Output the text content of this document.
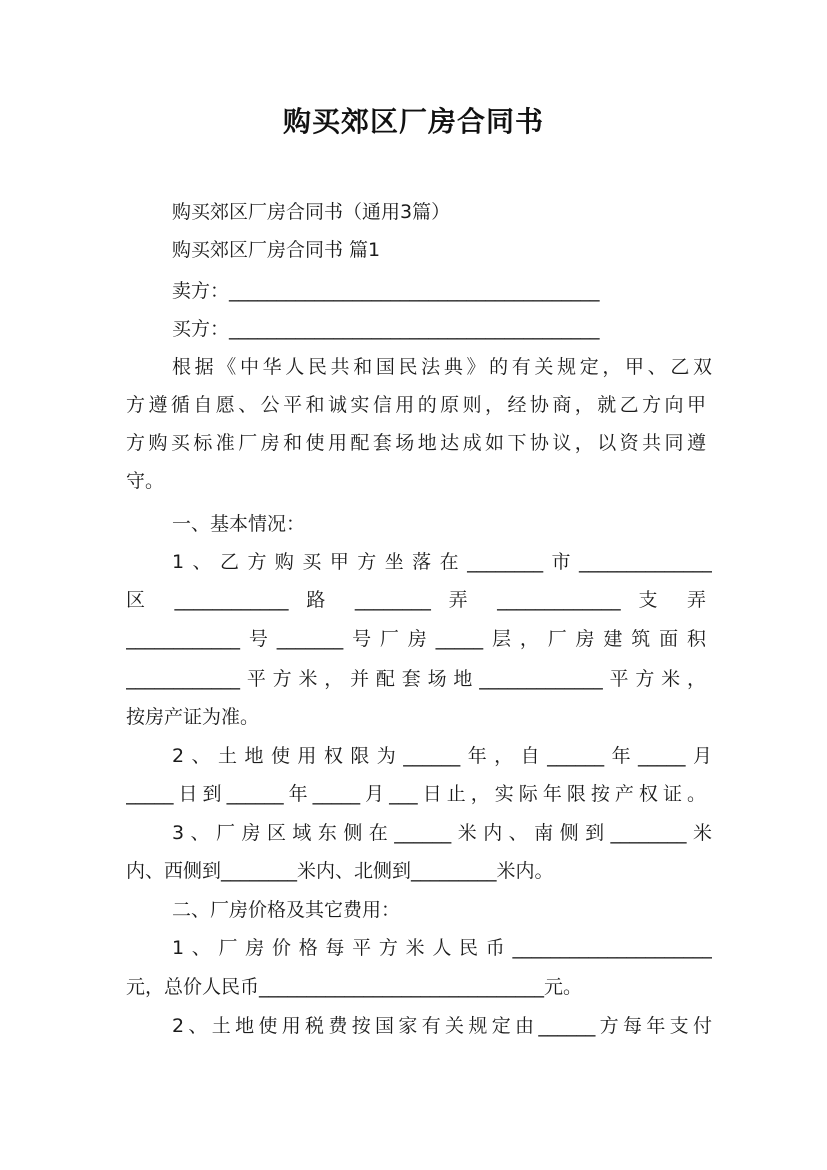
购买郊区厂房合同书
购买郊区厂房合同书（通用3篇）
购买郊区厂房合同书 篇1
卖方：_______________________________________
买方：_______________________________________
根据《中华人民共和国民法典》的有关规定，甲、乙双
方遵循自愿、公平和诚实信用的原则，经协商，就乙方向甲
方购买标准厂房和使用配套场地达成如下协议，以资共同遵
守。
一、基本情况：
1、乙方购买甲方坐落在________市______________
区 ____________ 路 ________ 弄 _____________ 支 弄
____________号_______号厂房_____层，厂房建筑面积
____________平方米，并配套场地_____________平方米，
按房产证为准。
2、土地使用权限为______年，自______年_____月
_____日到______年_____月___日止，实际年限按产权证。
3、厂房区域东侧在______米内、南侧到________米
内、西侧到________米内、北侧到_________米内。
二、厂房价格及其它费用：
1、厂房价格每平方米人民币_____________________
元，总价人民币______________________________元。
2、土地使用税费按国家有关规定由______方每年支付
